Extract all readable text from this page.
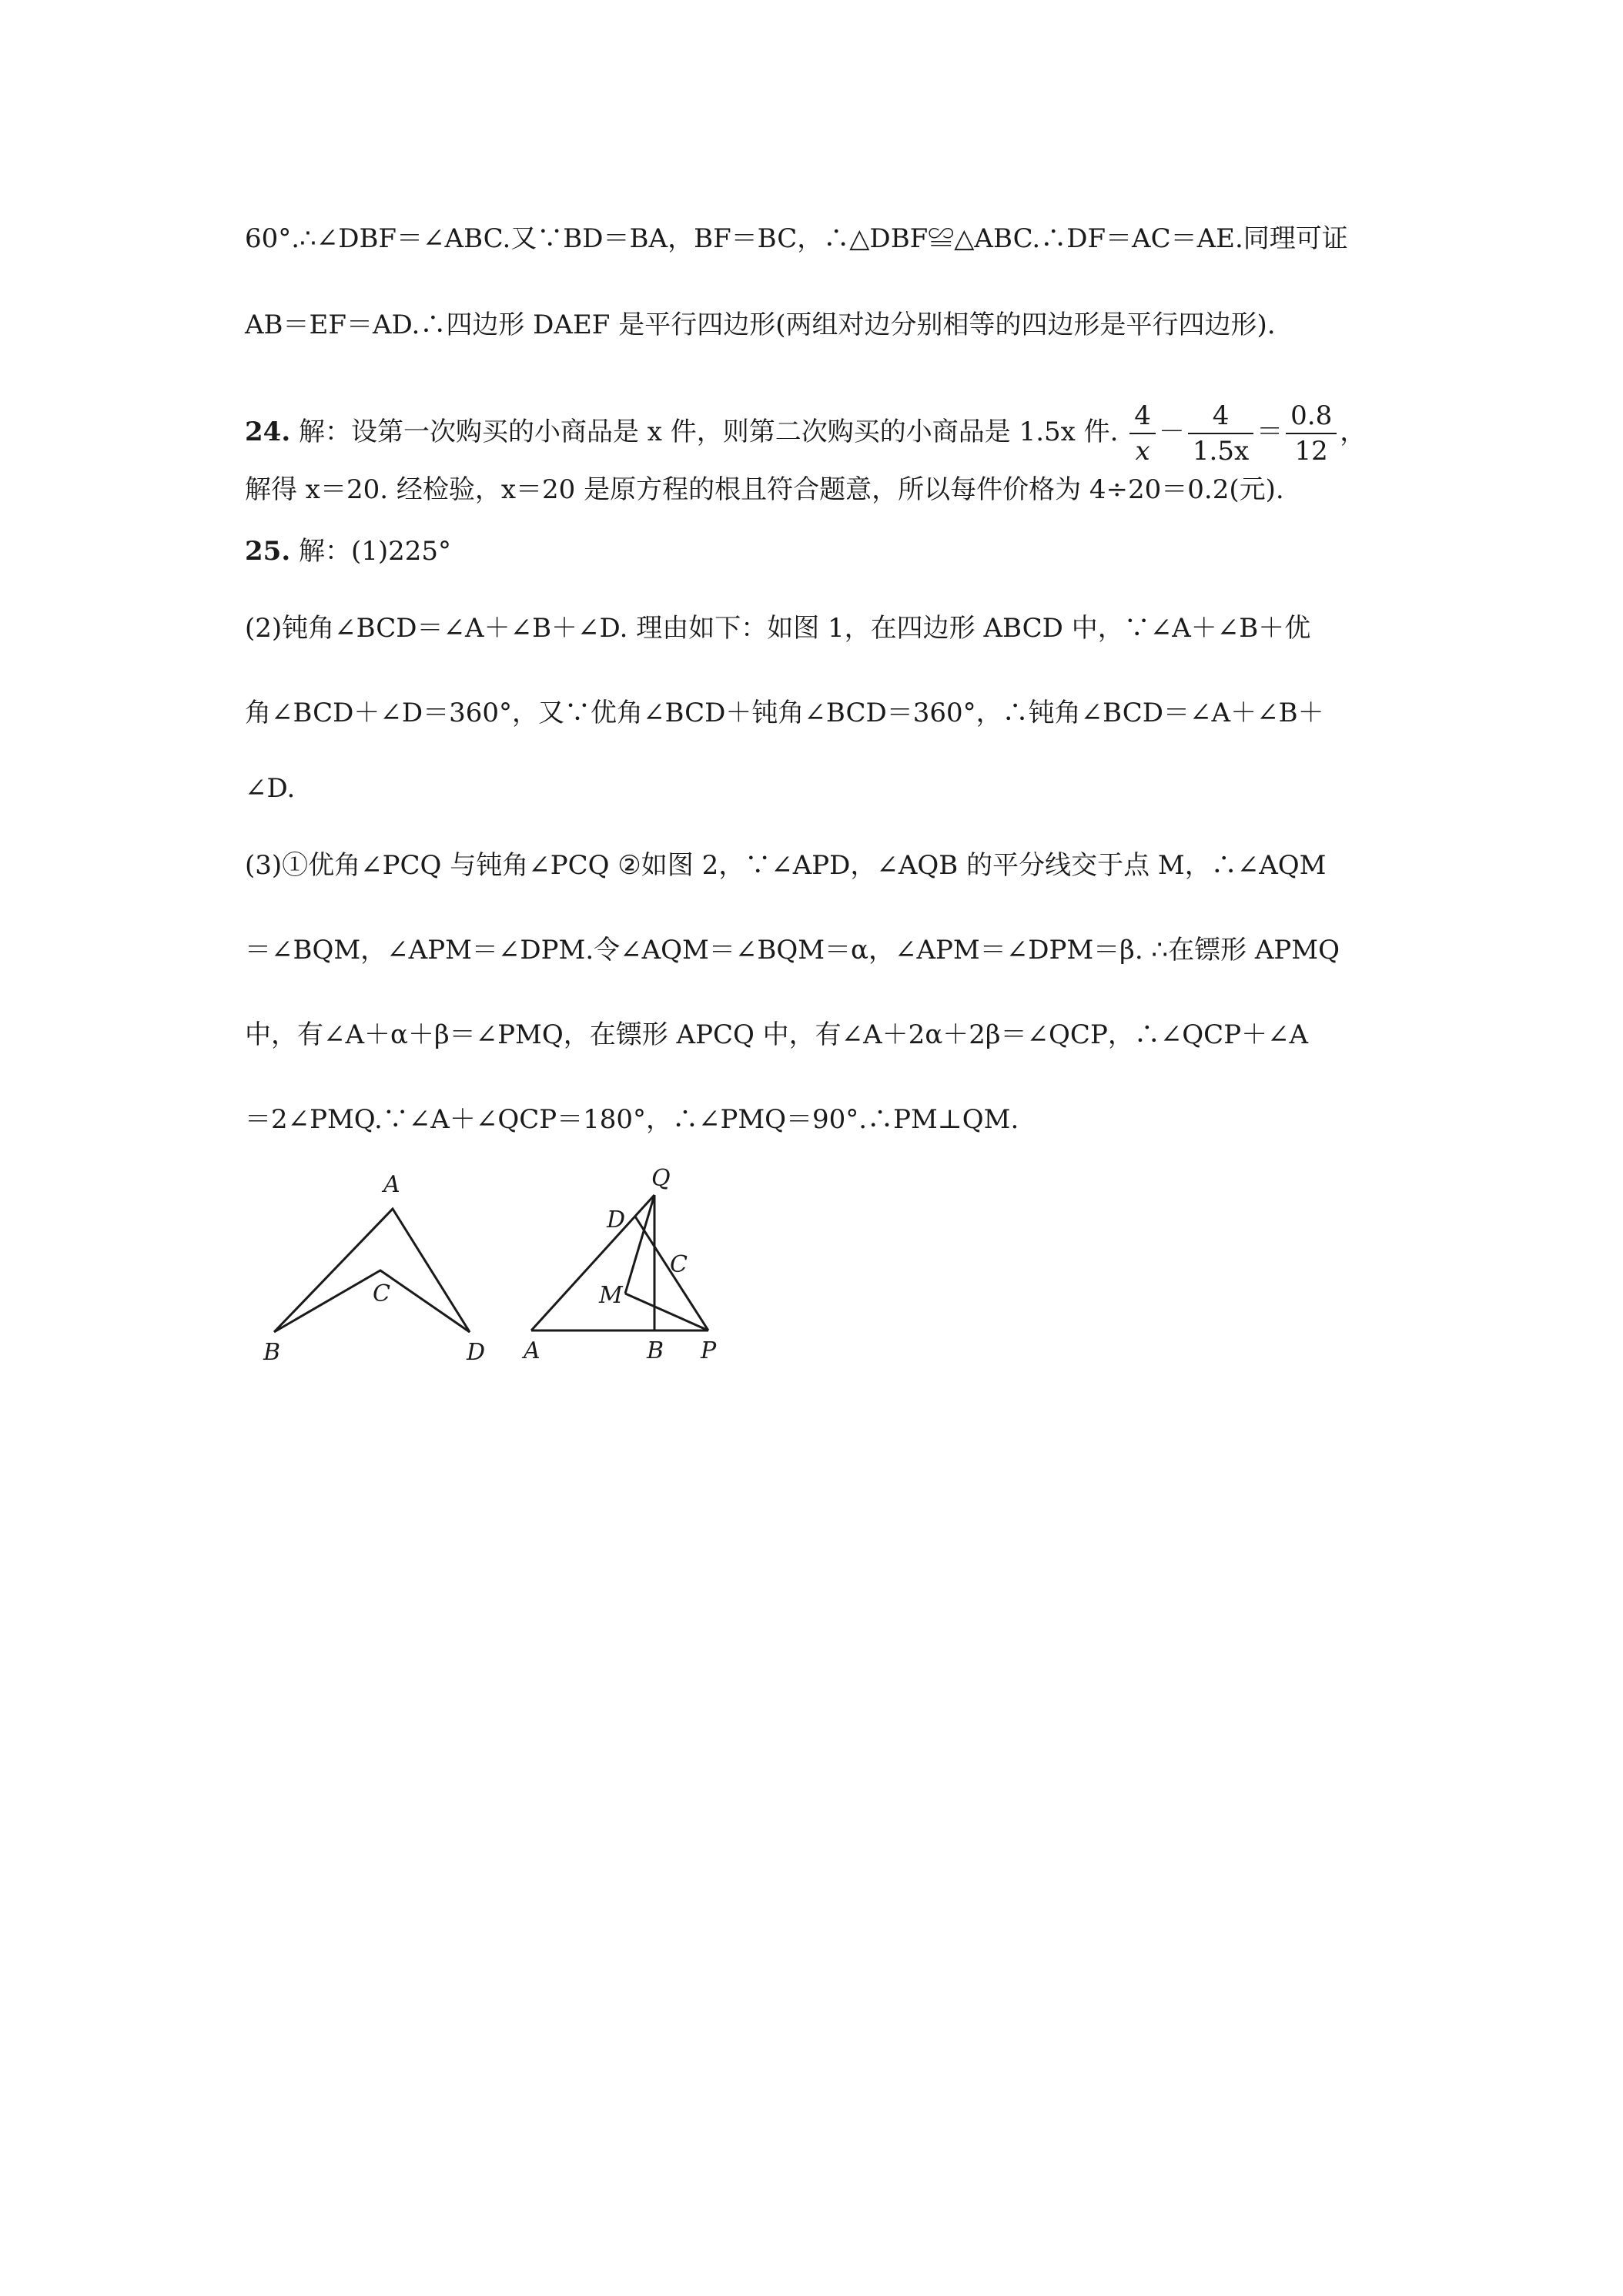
60°.∴∠DBF＝∠ABC.又∵BD＝BA，BF＝BC，∴△DBF≌△ABC.∴DF＝AC＝AE.同理可证
AB＝EF＝AD.∴四边形 DAEF 是平行四边形(两组对边分别相等的四边形是平行四边形).
24. 解：设第一次购买的小商品是 x 件，则第二次购买的小商品是 1.5x 件. $\frac{4}{x} - \frac{4}{1.5x} = \frac{0.8}{12}$ ，
解得 x＝20. 经检验，x＝20 是原方程的根且符合题意，所以每件价格为 4÷20＝0.2(元).
25. 解：(1)225°
(2)钝角∠BCD＝∠A＋∠B＋∠D. 理由如下：如图 1，在四边形 ABCD 中，∵∠A＋∠B＋优
角∠BCD＋∠D＝360°，又∵优角∠BCD＋钝角∠BCD＝360°，∴钝角∠BCD＝∠A＋∠B＋
∠D.
(3)①优角∠PCQ 与钝角∠PCQ ②如图 2，∵∠APD，∠AQB 的平分线交于点 M，∴∠AQM
＝∠BQM，∠APM＝∠DPM.令∠AQM＝∠BQM＝α，∠APM＝∠DPM＝β. ∴在镖形 APMQ
中，有∠A＋α＋β＝∠PMQ，在镖形 APCQ 中，有∠A＋2α＋2β＝∠QCP，∴∠QCP＋∠A
＝2∠PMQ.∵∠A＋∠QCP＝180°，∴∠PMQ＝90°.∴PM⊥QM.
A
B
C
D
Q
D
C
M
A	B P
